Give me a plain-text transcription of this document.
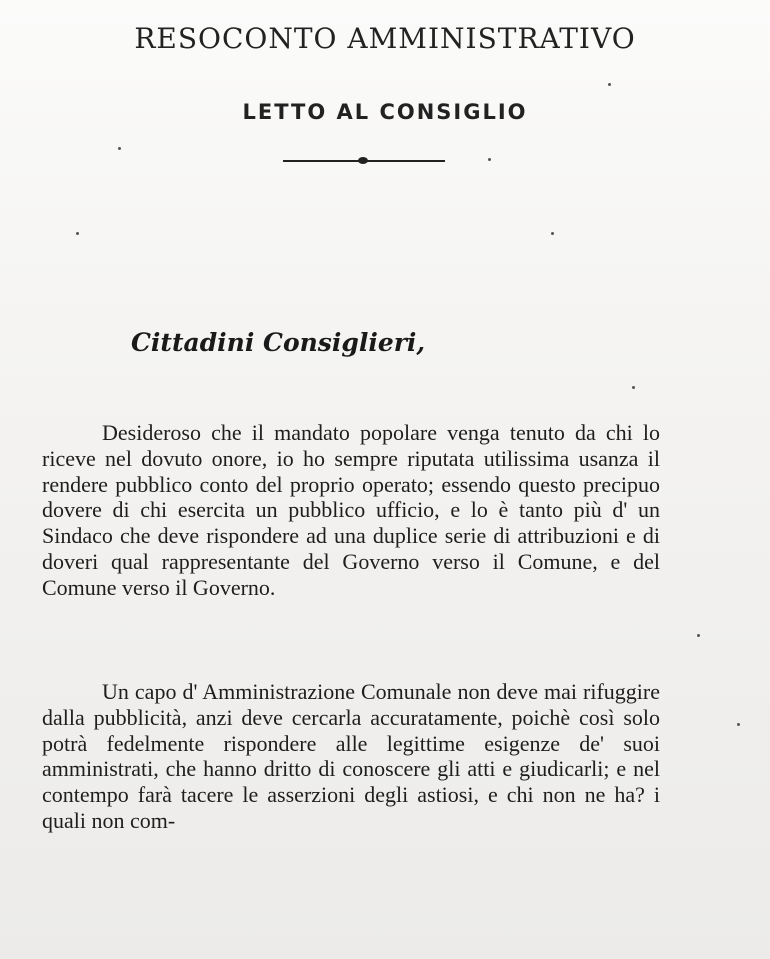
RESOCONTO AMMINISTRATIVO
LETTO AL CONSIGLIO
Cittadini Consiglieri,

Desideroso che il mandato popolare venga tenuto da chi lo riceve nel dovuto onore, io ho sempre riputata utilissima usanza il rendere pubblico conto del proprio operato; essendo questo precipuo dovere di chi esercita un pubblico ufficio, e lo è tanto più d' un Sindaco che deve rispondere ad una duplice serie di attribuzioni e di doveri qual rappresentante del Governo verso il Comune, e del Comune verso il Governo.

Un capo d' Amministrazione Comunale non deve mai rifuggire dalla pubblicità, anzi deve cercarla accuratamente, poichè così solo potrà fedelmente rispondere alle legittime esigenze de' suoi amministrati, che hanno dritto di conoscere gli atti e giudicarli; e nel contempo farà tacere le asserzioni degli astiosi, e chi non ne ha? i quali non com-
